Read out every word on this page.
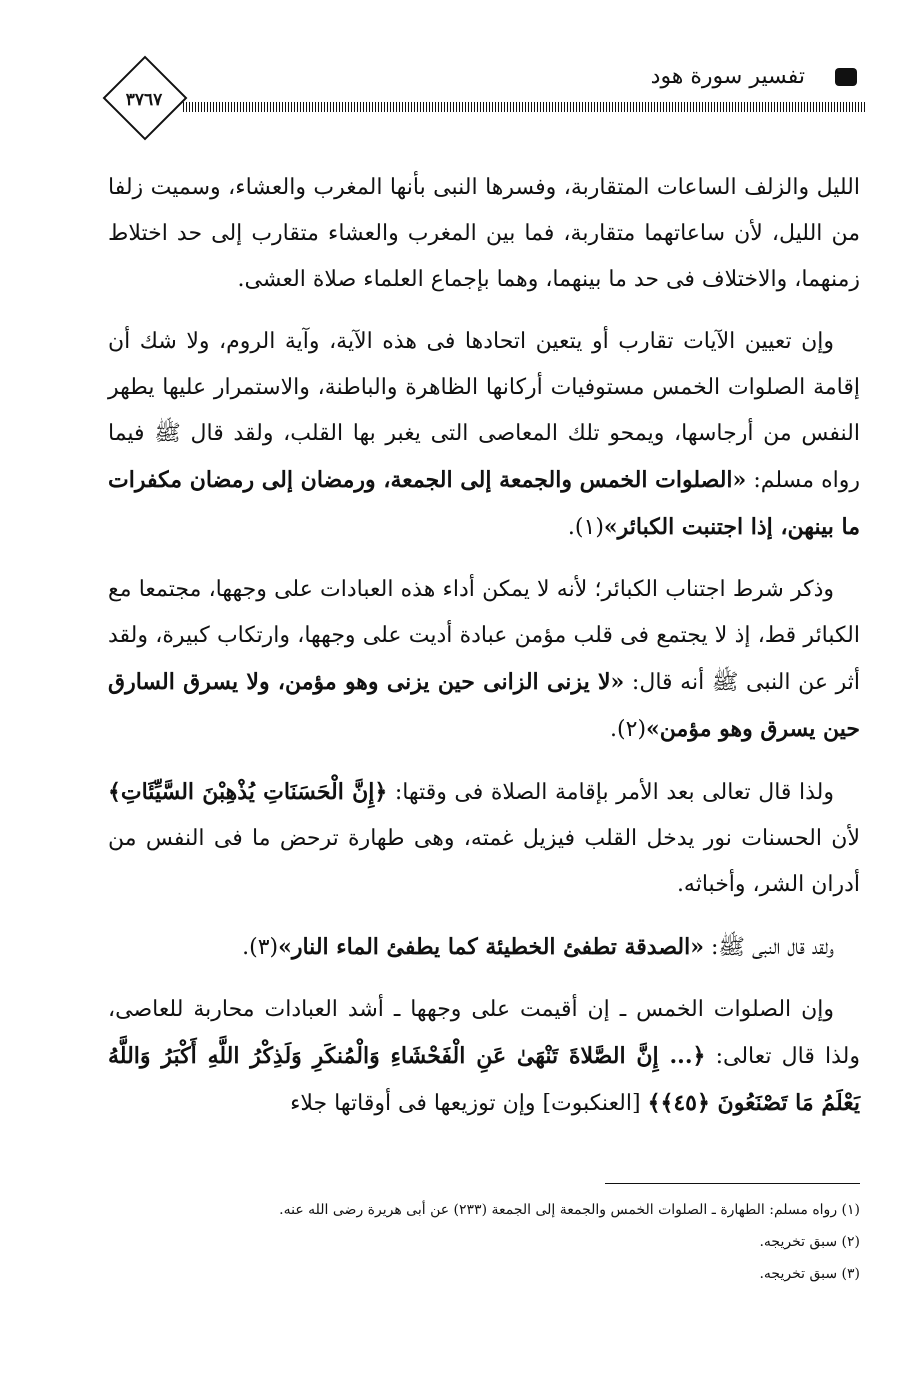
تفسير سورة هود
٣٧٦٧

الليل والزلف الساعات المتقاربة، وفسرها النبى بأنها المغرب والعشاء، وسميت زلفا من الليل، لأن ساعاتهما متقاربة، فما بين المغرب والعشاء متقارب إلى حد اختلاط زمنهما، والاختلاف فى حد ما بينهما، وهما بإجماع العلماء صلاة العشى.

وإن تعيين الآيات تقارب أو يتعين اتحادها فى هذه الآية، وآية الروم، ولا شك أن إقامة الصلوات الخمس مستوفيات أركانها الظاهرة والباطنة، والاستمرار عليها يطهر النفس من أرجاسها، ويمحو تلك المعاصى التى يغبر بها القلب، ولقد قال ﷺ فيما رواه مسلم: «الصلوات الخمس والجمعة إلى الجمعة، ورمضان إلى رمضان مكفرات ما بينهن، إذا اجتنبت الكبائر»(١).

وذكر شرط اجتناب الكبائر؛ لأنه لا يمكن أداء هذه العبادات على وجهها، مجتمعا مع الكبائر قط، إذ لا يجتمع فى قلب مؤمن عبادة أديت على وجهها، وارتكاب كبيرة، ولقد أثر عن النبى ﷺ أنه قال: «لا يزنى الزانى حين يزنى وهو مؤمن، ولا يسرق السارق حين يسرق وهو مؤمن»(٢).

ولذا قال تعالى بعد الأمر بإقامة الصلاة فى وقتها: ﴿إِنَّ الْحَسَنَاتِ يُذْهِبْنَ السَّيِّئَاتِ﴾ لأن الحسنات نور يدخل القلب فيزيل غمته، وهى طهارة ترحض ما فى النفس من أدران الشر، وأخباثه.

ولقد قال النبى ﷺ: «الصدقة تطفئ الخطيئة كما يطفئ الماء النار»(٣).

وإن الصلوات الخمس ـ إن أقيمت على وجهها ـ أشد العبادات محاربة للعاصى، ولذا قال تعالى: ﴿... إِنَّ الصَّلاةَ تَنْهَىٰ عَنِ الْفَحْشَاءِ وَالْمُنكَرِ وَلَذِكْرُ اللَّهِ أَكْبَرُ وَاللَّهُ يَعْلَمُ مَا تَصْنَعُونَ ﴿٤٥﴾﴾ [العنكبوت] وإن توزيعها فى أوقاتها جلاء

(١) رواه مسلم: الطهارة ـ الصلوات الخمس والجمعة إلى الجمعة (٢٣٣) عن أبى هريرة رضى الله عنه.
(٢) سبق تخريجه.
(٣) سبق تخريجه.
